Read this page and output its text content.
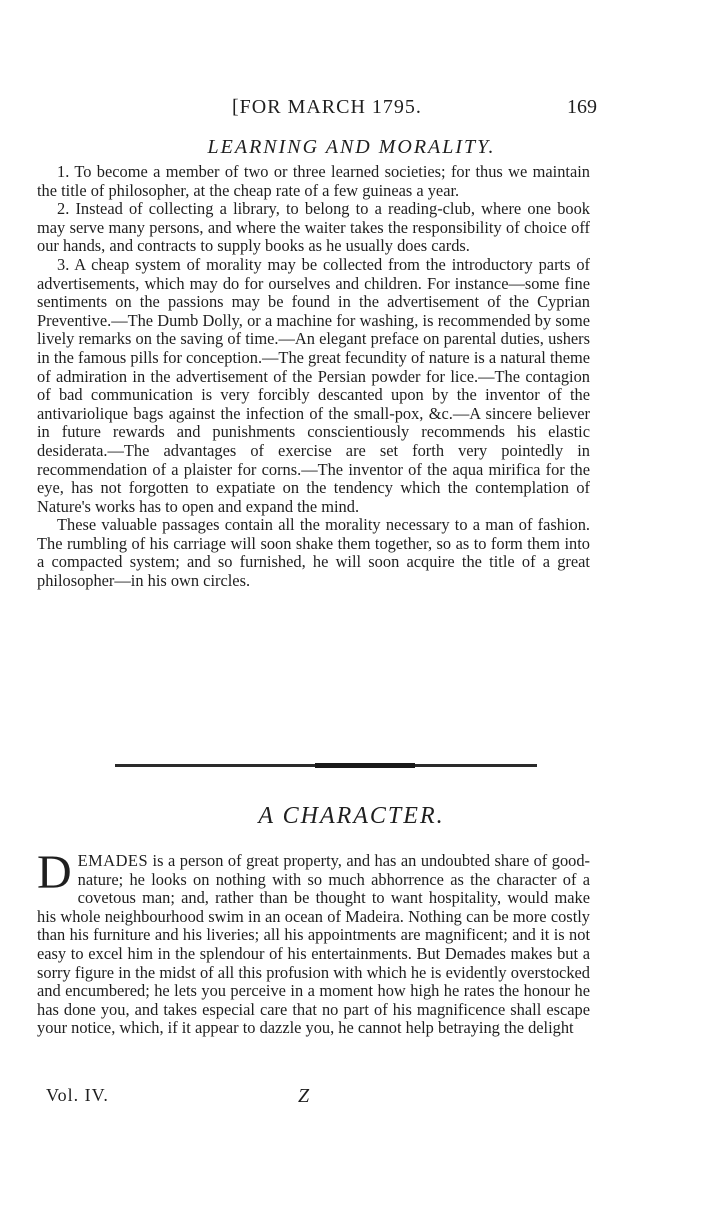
[FOR MARCH 1795.	169
LEARNING AND MORALITY.

1. To become a member of two or three learned societies; for thus we maintain the title of philosopher, at the cheap rate of a few guineas a year.

2. Instead of collecting a library, to belong to a reading-club, where one book may serve many persons, and where the waiter takes the responsibility of choice off our hands, and contracts to supply books as he usually does cards.

3. A cheap system of morality may be collected from the introductory parts of advertisements, which may do for ourselves and children. For instance—some fine sentiments on the passions may be found in the advertisement of the Cyprian Preventive.—The Dumb Dolly, or a machine for washing, is recommended by some lively remarks on the saving of time.—An elegant preface on parental duties, ushers in the famous pills for conception.—The great fecundity of nature is a natural theme of admiration in the advertisement of the Persian powder for lice.—The contagion of bad communication is very forcibly descanted upon by the inventor of the antivariolique bags against the infection of the small-pox, &c.—A sincere believer in future rewards and punishments conscientiously recommends his elastic desiderata.—The advantages of exercise are set forth very pointedly in recommendation of a plaister for corns.—The inventor of the aqua mirifica for the eye, has not forgotten to expatiate on the tendency which the contemplation of Nature's works has to open and expand the mind.

These valuable passages contain all the morality necessary to a man of fashion. The rumbling of his carriage will soon shake them together, so as to form them into a compacted system; and so furnished, he will soon acquire the title of a great philosopher—in his own circles.

A CHARACTER.

DEMADES is a person of great property, and has an undoubted share of good-nature; he looks on nothing with so much abhorrence as the character of a covetous man; and, rather than be thought to want hospitality, would make his whole neighbourhood swim in an ocean of Madeira. Nothing can be more costly than his furniture and his liveries; all his appointments are magnificent; and it is not easy to excel him in the splendour of his entertainments. But Demades makes but a sorry figure in the midst of all this profusion with which he is evidently overstocked and encumbered; he lets you perceive in a moment how high he rates the honour he has done you, and takes especial care that no part of his magnificence shall escape your notice, which, if it appear to dazzle you, he cannot help betraying the delight

Vol. IV.	Z
